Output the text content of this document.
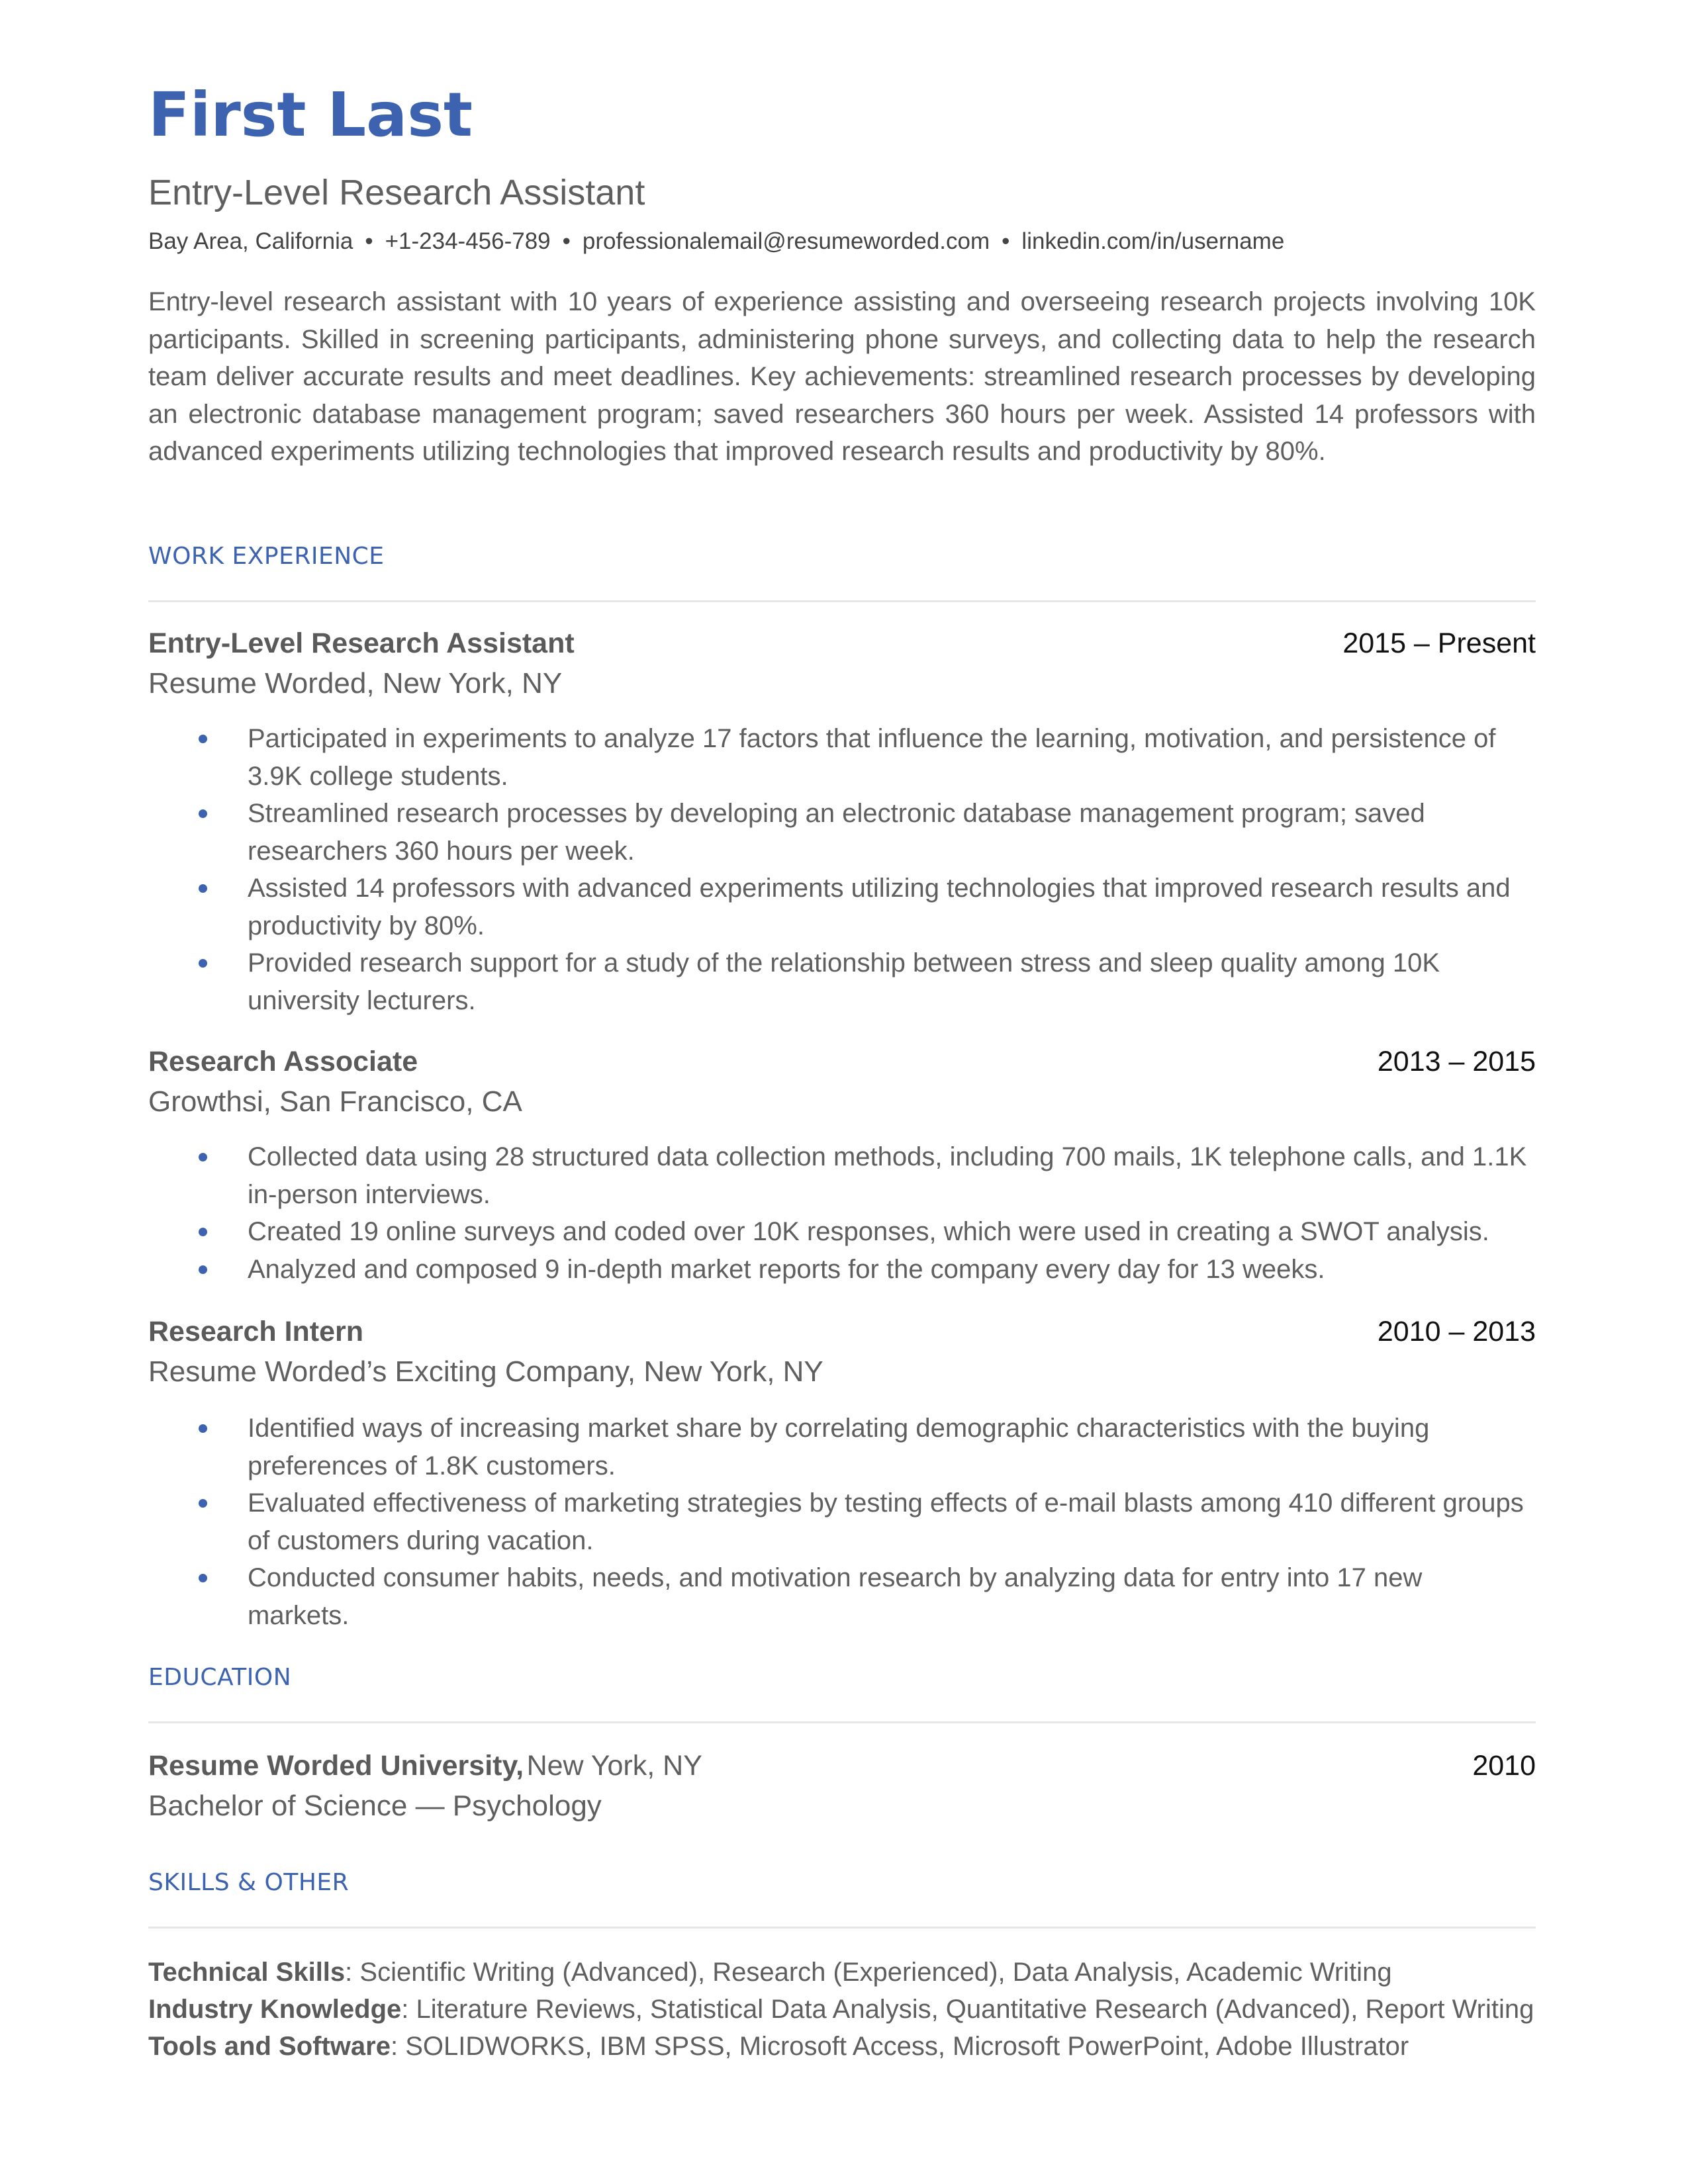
First Last
Entry-Level Research Assistant
Bay Area, California • +1-234-456-789 • professionalemail@resumeworded.com • linkedin.com/in/username
Entry-level research assistant with 10 years of experience assisting and overseeing research projects involving 10K participants. Skilled in screening participants, administering phone surveys, and collecting data to help the research team deliver accurate results and meet deadlines. Key achievements: streamlined research processes by developing an electronic database management program; saved researchers 360 hours per week. Assisted 14 professors with advanced experiments utilizing technologies that improved research results and productivity by 80%.
WORK EXPERIENCE
Entry-Level Research Assistant	2015 – Present
Resume Worded, New York, NY
Participated in experiments to analyze 17 factors that influence the learning, motivation, and persistence of 3.9K college students.
Streamlined research processes by developing an electronic database management program; saved researchers 360 hours per week.
Assisted 14 professors with advanced experiments utilizing technologies that improved research results and productivity by 80%.
Provided research support for a study of the relationship between stress and sleep quality among 10K university lecturers.
Research Associate	2013 – 2015
Growthsi, San Francisco, CA
Collected data using 28 structured data collection methods, including 700 mails, 1K telephone calls, and 1.1K in-person interviews.
Created 19 online surveys and coded over 10K responses, which were used in creating a SWOT analysis.
Analyzed and composed 9 in-depth market reports for the company every day for 13 weeks.
Research Intern	2010 – 2013
Resume Worded’s Exciting Company, New York, NY
Identified ways of increasing market share by correlating demographic characteristics with the buying preferences of 1.8K customers.
Evaluated effectiveness of marketing strategies by testing effects of e-mail blasts among 410 different groups of customers during vacation.
Conducted consumer habits, needs, and motivation research by analyzing data for entry into 17 new markets.
EDUCATION
Resume Worded University, New York, NY	2010
Bachelor of Science — Psychology
SKILLS & OTHER
Technical Skills: Scientific Writing (Advanced), Research (Experienced), Data Analysis, Academic Writing
Industry Knowledge: Literature Reviews, Statistical Data Analysis, Quantitative Research (Advanced), Report Writing
Tools and Software: SOLIDWORKS, IBM SPSS, Microsoft Access, Microsoft PowerPoint, Adobe Illustrator
